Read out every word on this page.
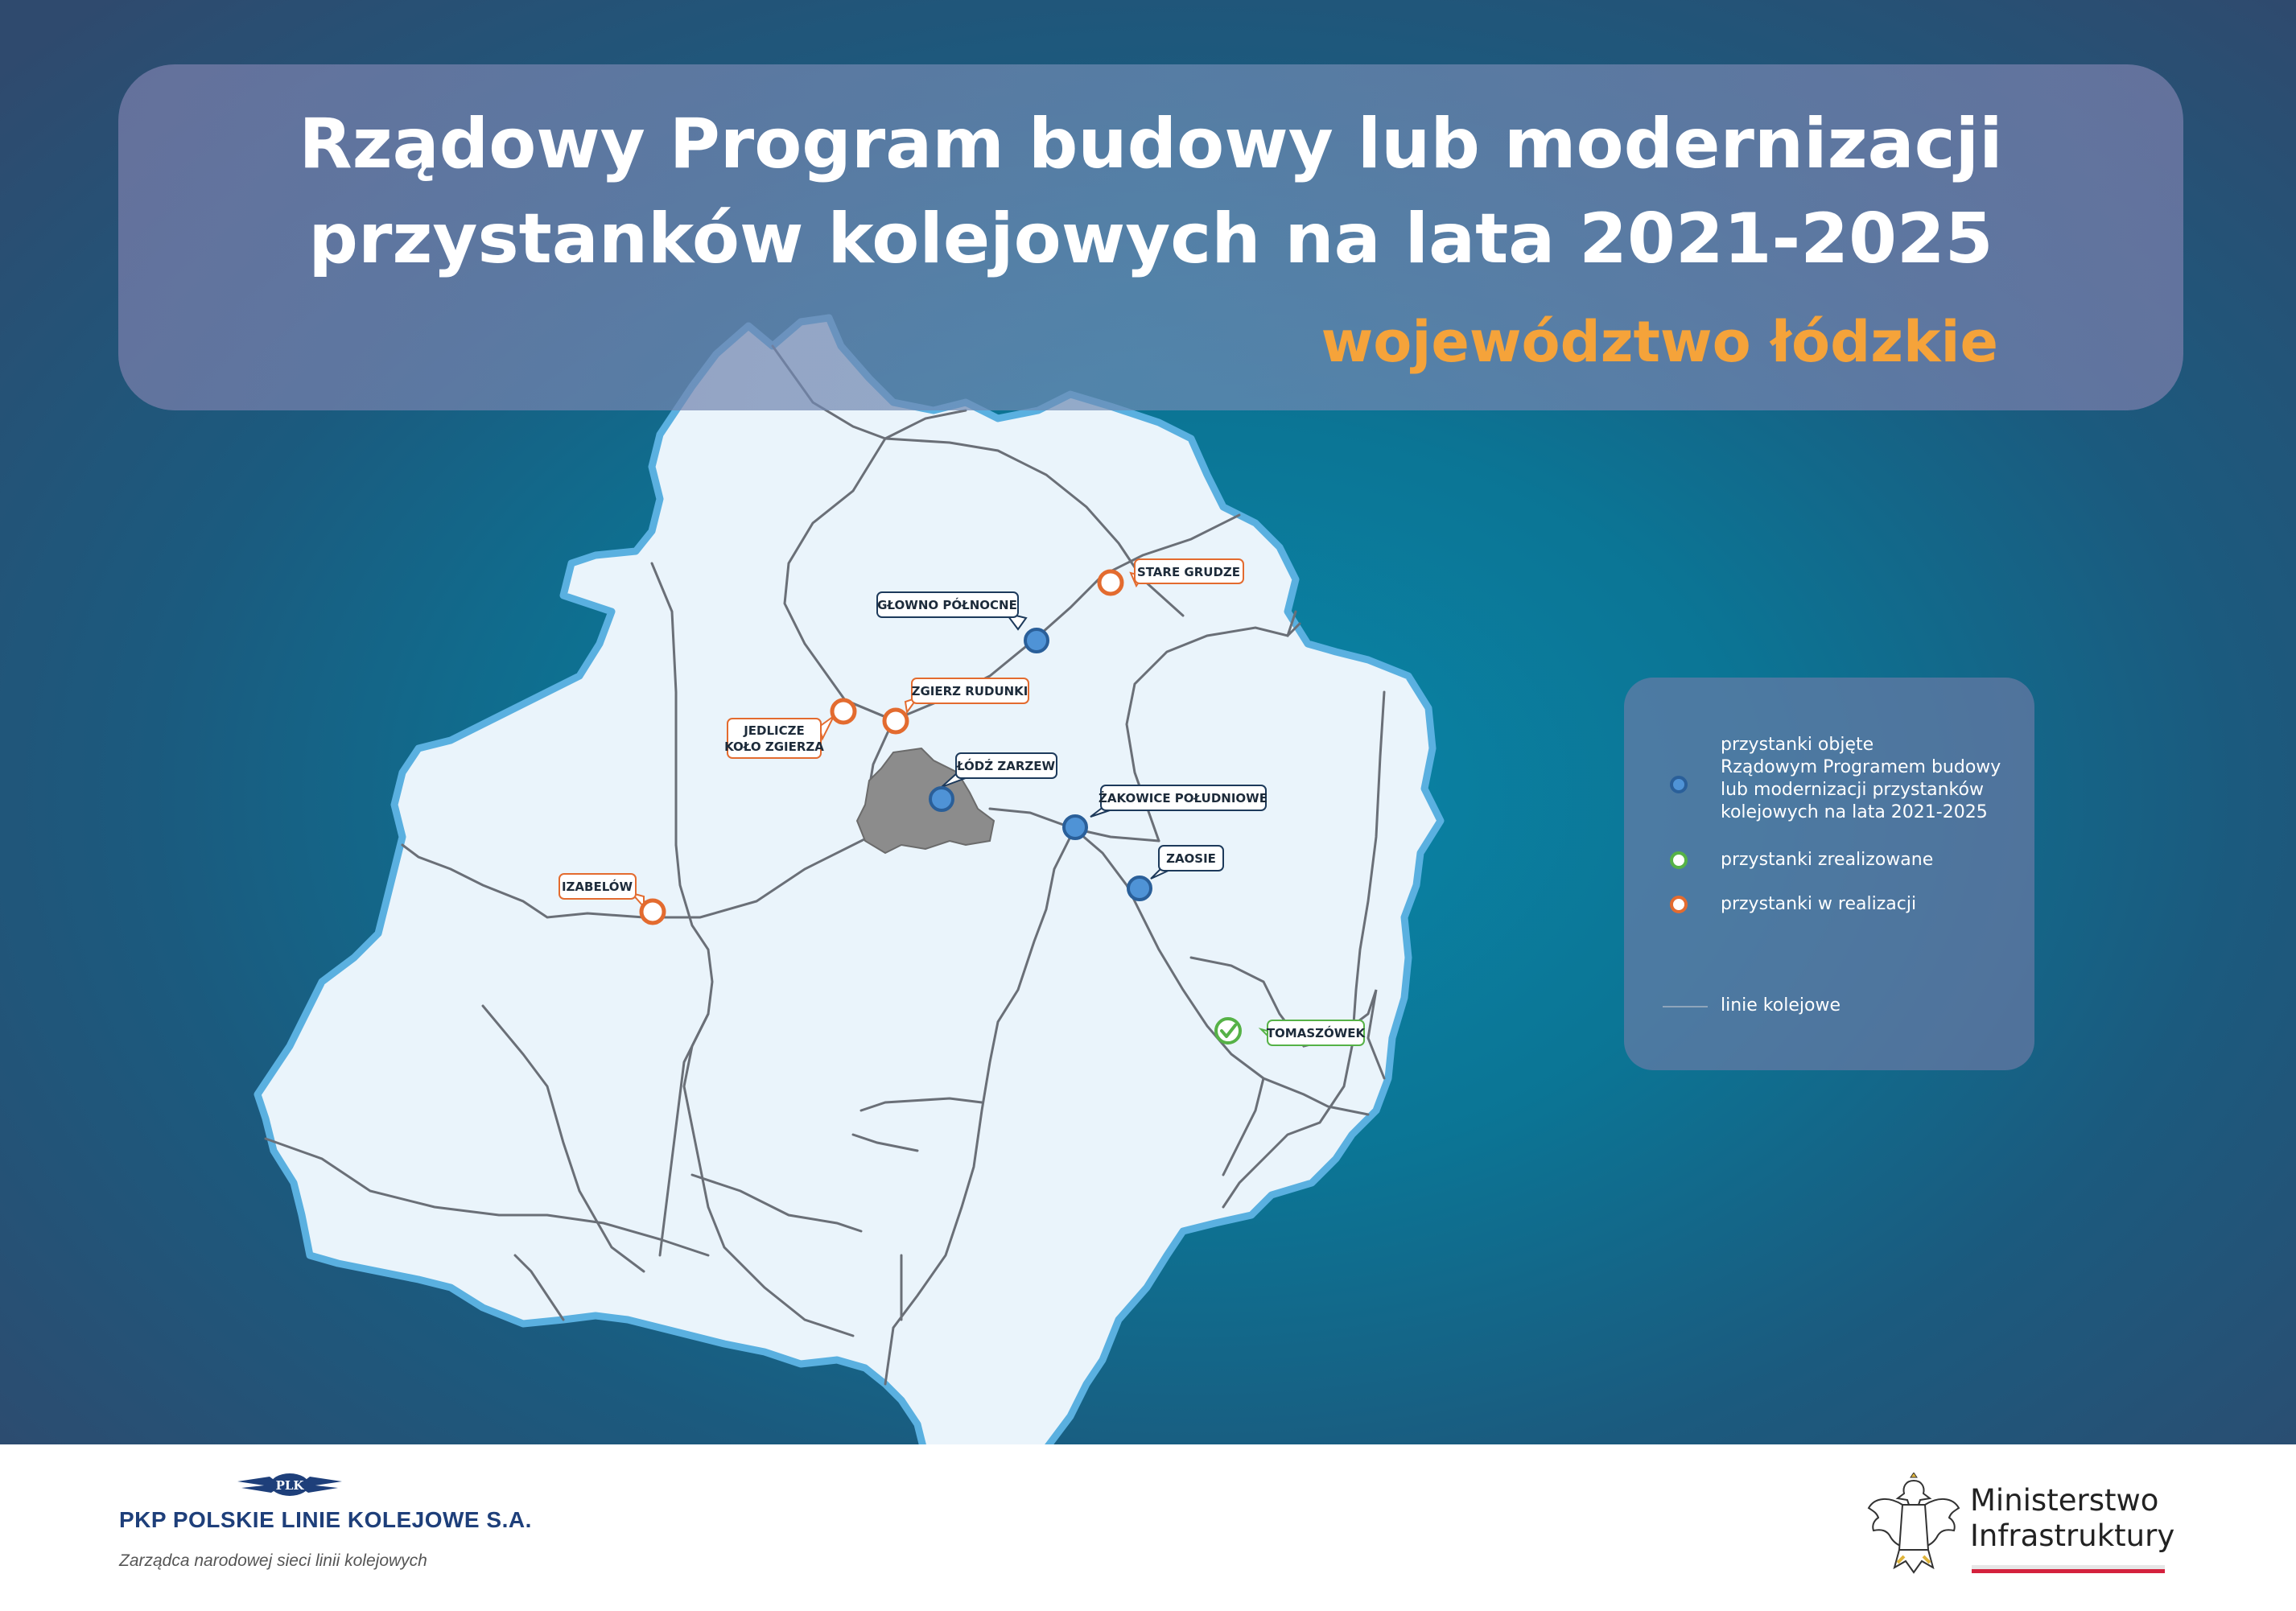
STARE GRUDZE
GŁOWNO PÓŁNOCNE
ZGIERZ RUDUNKI
JEDLICZE
KOŁO ZGIERZA
ŁÓDŹ ZARZEW
ŻAKOWICE POŁUDNIOWE
ZAOSIE
IZABELÓW
TOMASZÓWEK
Rządowy Program budowy lub modernizacji
przystanków kolejowych na lata 2021-2025
województwo łódzkie
przystanki objęte
Rządowym Programem budowy
lub modernizacji przystanków
kolejowych na lata 2021-2025
przystanki zrealizowane
przystanki w realizacji
linie kolejowe
PLK
PKP POLSKIE LINIE KOLEJOWE S.A.
Zarządca narodowej sieci linii kolejowych
Ministerstwo
Infrastruktury
